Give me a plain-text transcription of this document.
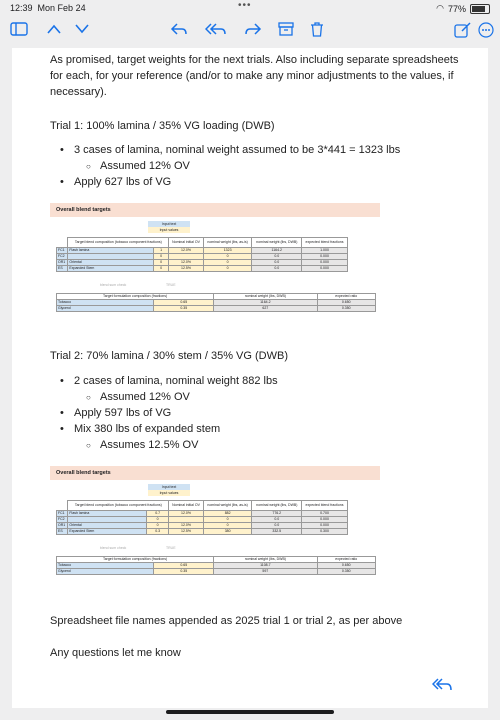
12:39 Mon Feb 24	•••	◠ 77%
As promised, target weights for the next trials. Also including separate spreadsheets
for each, for your reference (and/or to make any minor adjustments to the values, if
necessary).
Trial 1: 100% lamina / 35% VG loading (DWB)
• 3 cases of lamina, nominal weight assumed to be 3*441 = 1323 lbs
○ Assumed 12% OV
• Apply 627 lbs of VG
Overall blend targets
Input text
Input values
	Target blend composition (tobacco component fractions)		Nominal initial OV	nominal weight (lbs, as-is)	nominal weight (lbs, DWB)	expected blend fractions
FC1	Flash lamina	1	12.0%	1323	1164.2	1.000
FC2		0		0	0.0	0.000
OR1	Oriental	0	12.0%	0	0.0	0.000
ES	Expanded Stem	0	12.5%	0	0.0	0.000
blend sum check	TRUE
Target formulation composition (fractions)		nominal weight (lbs, DWB)	expected ratio
Tobacco	0.65	1164.2	0.650
Glycerol	0.35	627	0.350
Trial 2: 70% lamina / 30% stem / 35% VG (DWB)
• 2 cases of lamina, nominal weight 882 lbs
○ Assumed 12% OV
• Apply 597 lbs of VG
• Mix 380 lbs of expanded stem
○ Assumes 12.5% OV
Overall blend targets
Input text
Input values
	Target blend composition (tobacco component fractions)		Nominal initial OV	nominal weight (lbs, as-is)	nominal weight (lbs, DWB)	expected blend fractions
FC1	Flash lamina	0.7	12.0%	882	776.2	0.700
FC2		0		0	0.0	0.000
OR1	Oriental	0	12.0%	0	0.0	0.000
ES	Expanded Stem	0.3	12.5%	380	332.5	0.300
blend sum check	TRUE
Target formulation composition (fractions)		nominal weight (lbs, DWB)	expected ratio
Tobacco	0.65	1108.7	0.650
Glycerol	0.35	597	0.350
Spreadsheet file names appended as 2025 trial 1 or trial 2, as per above
Any questions let me know
